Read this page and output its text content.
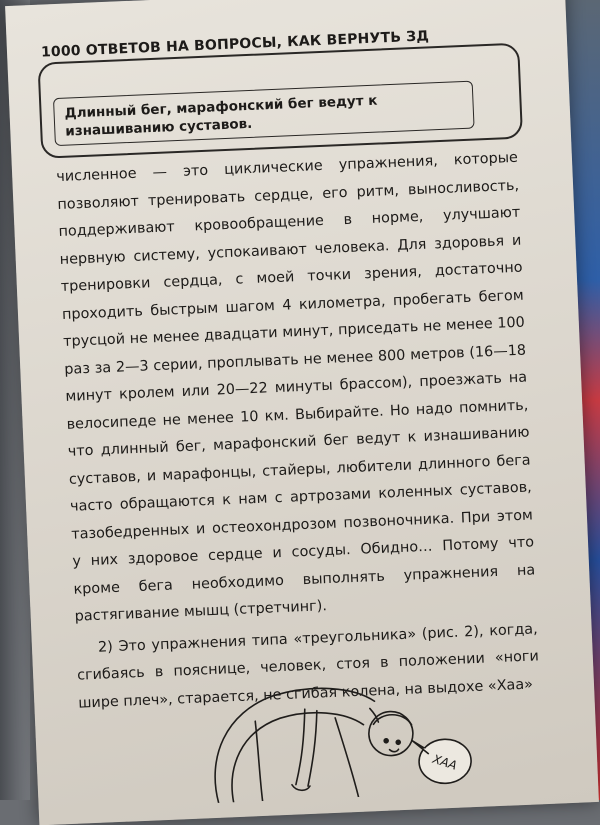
1000 ОТВЕТОВ НА ВОПРОСЫ, КАК ВЕРНУТЬ ЗД
Длинный бег, марафонский бег ведут к изнашиванию суставов.

численное — это циклические упражнения, которые позволяют тренировать сердце, его ритм, выносливость, поддерживают кровообращение в норме, улучшают нервную систему, успокаивают человека. Для здоровья и тренировки сердца, с моей точки зрения, достаточно проходить быстрым шагом 4 километра, пробегать бегом трусцой не менее двадцати минут, приседать не менее 100 раз за 2—3 серии, проплывать не менее 800 метров (16—18 минут кролем или 20—22 минуты брассом), проезжать на велосипеде не менее 10 км. Выбирайте. Но надо помнить, что длинный бег, марафонский бег ведут к изнашиванию суставов, и марафонцы, стайеры, любители длинного бега часто обращаются к нам с артрозами коленных суставов, тазобедренных и остеохондрозом позвоночника. При этом у них здоровое сердце и сосуды. Обидно… Потому что кроме бега необходимо выполнять упражнения на растягивание мышц (стретчинг).

2) Это упражнения типа «треугольника» (рис. 2), когда, сгибаясь в пояснице, человек, стоя в положении «ноги шире плеч», старается, не сгибая колена, на выдохе «Хаа»

ХАА
